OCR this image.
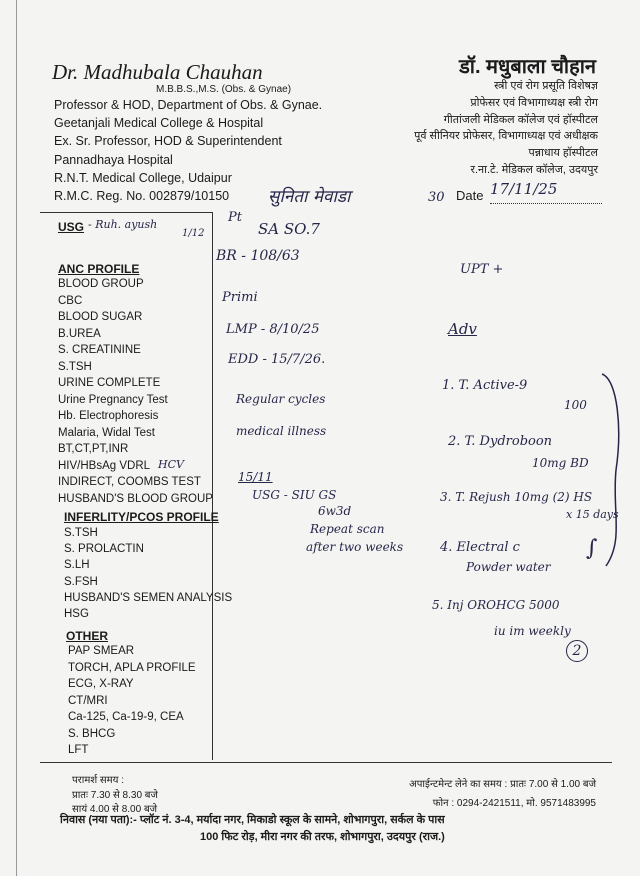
Dr. Madhubala Chauhan
M.B.B.S.,M.S. (Obs. & Gynae)
Professor & HOD, Department of Obs. & Gynae.
Geetanjali Medical College & Hospital
Ex. Sr. Professor, HOD & Superintendent
Pannadhaya Hospital
R.N.T. Medical College, Udaipur
R.M.C. Reg. No. 002879/10150
डॉ. मधुबाला चौहान
स्त्री एवं रोग प्रसूति विशेषज्ञ
प्रोफेसर एवं विभागाध्यक्ष स्त्री रोग
गीतांजली मेडिकल कॉलेज एवं हॉस्पीटल
पूर्व सीनियर प्रोफेसर, विभागाध्यक्ष एवं अधीक्षक
पन्नाधाय हॉस्पीटल
र.ना.टे. मेडिकल कॉलेज, उदयपुर
सुनिता मेवाडा	30 Date 17/11/25
USG - Ruh. ayush
1/12
ANC PROFILE
BLOOD GROUP
CBC
BLOOD SUGAR
B.UREA
S. CREATININE
S.TSH
URINE COMPLETE
Urine Pregnancy Test
Hb. Electrophoresis
Malaria, Widal Test
BT,CT,PT,INR
HIV/HBsAg VDRL
INDIRECT, COOMBS TEST
HUSBAND'S BLOOD GROUP
HCV
INFERLITY/PCOS PROFILE
S.TSH
S. PROLACTIN
S.LH
S.FSH
HUSBAND'S SEMEN ANALYSIS
HSG
OTHER
PAP SMEAR
TORCH, APLA PROFILE
ECG, X-RAY
CT/MRI
Ca-125, Ca-19-9, CEA
S. BHCG
LFT
Pt
SA SO.7
BR - 108/63
Primi
LMP - 8/10/25
EDD - 15/7/26.
Regular cycles
medical illness
15/11
USG - SIU GS
6w3d
Repeat scan
after two weeks
UPT +
Adv
1. T. Active-9
100
2. T. Dydroboon
10mg BD
3. T. Rejush 10mg (2) HS
x 15 days
4. Electral c
Powder water
5. Inj OROHCG 5000
iu im weekly
2
∫
परामर्श समय :
प्रातः 7.30 से 8.30 बजे
सायं 4.00 से 8.00 बजे
अपाईन्टमेन्ट लेने का समय : प्रातः 7.00 से 1.00 बजे
फोन : 0294-2421511, मो. 9571483995
निवास (नया पता):- प्लॉट नं. 3-4, मर्यादा नगर, मिकाडो स्कूल के सामने, शोभागपुरा, सर्कल के पास
100 फिट रोड़, मीरा नगर की तरफ, शोभागपुरा, उदयपुर (राज.)
